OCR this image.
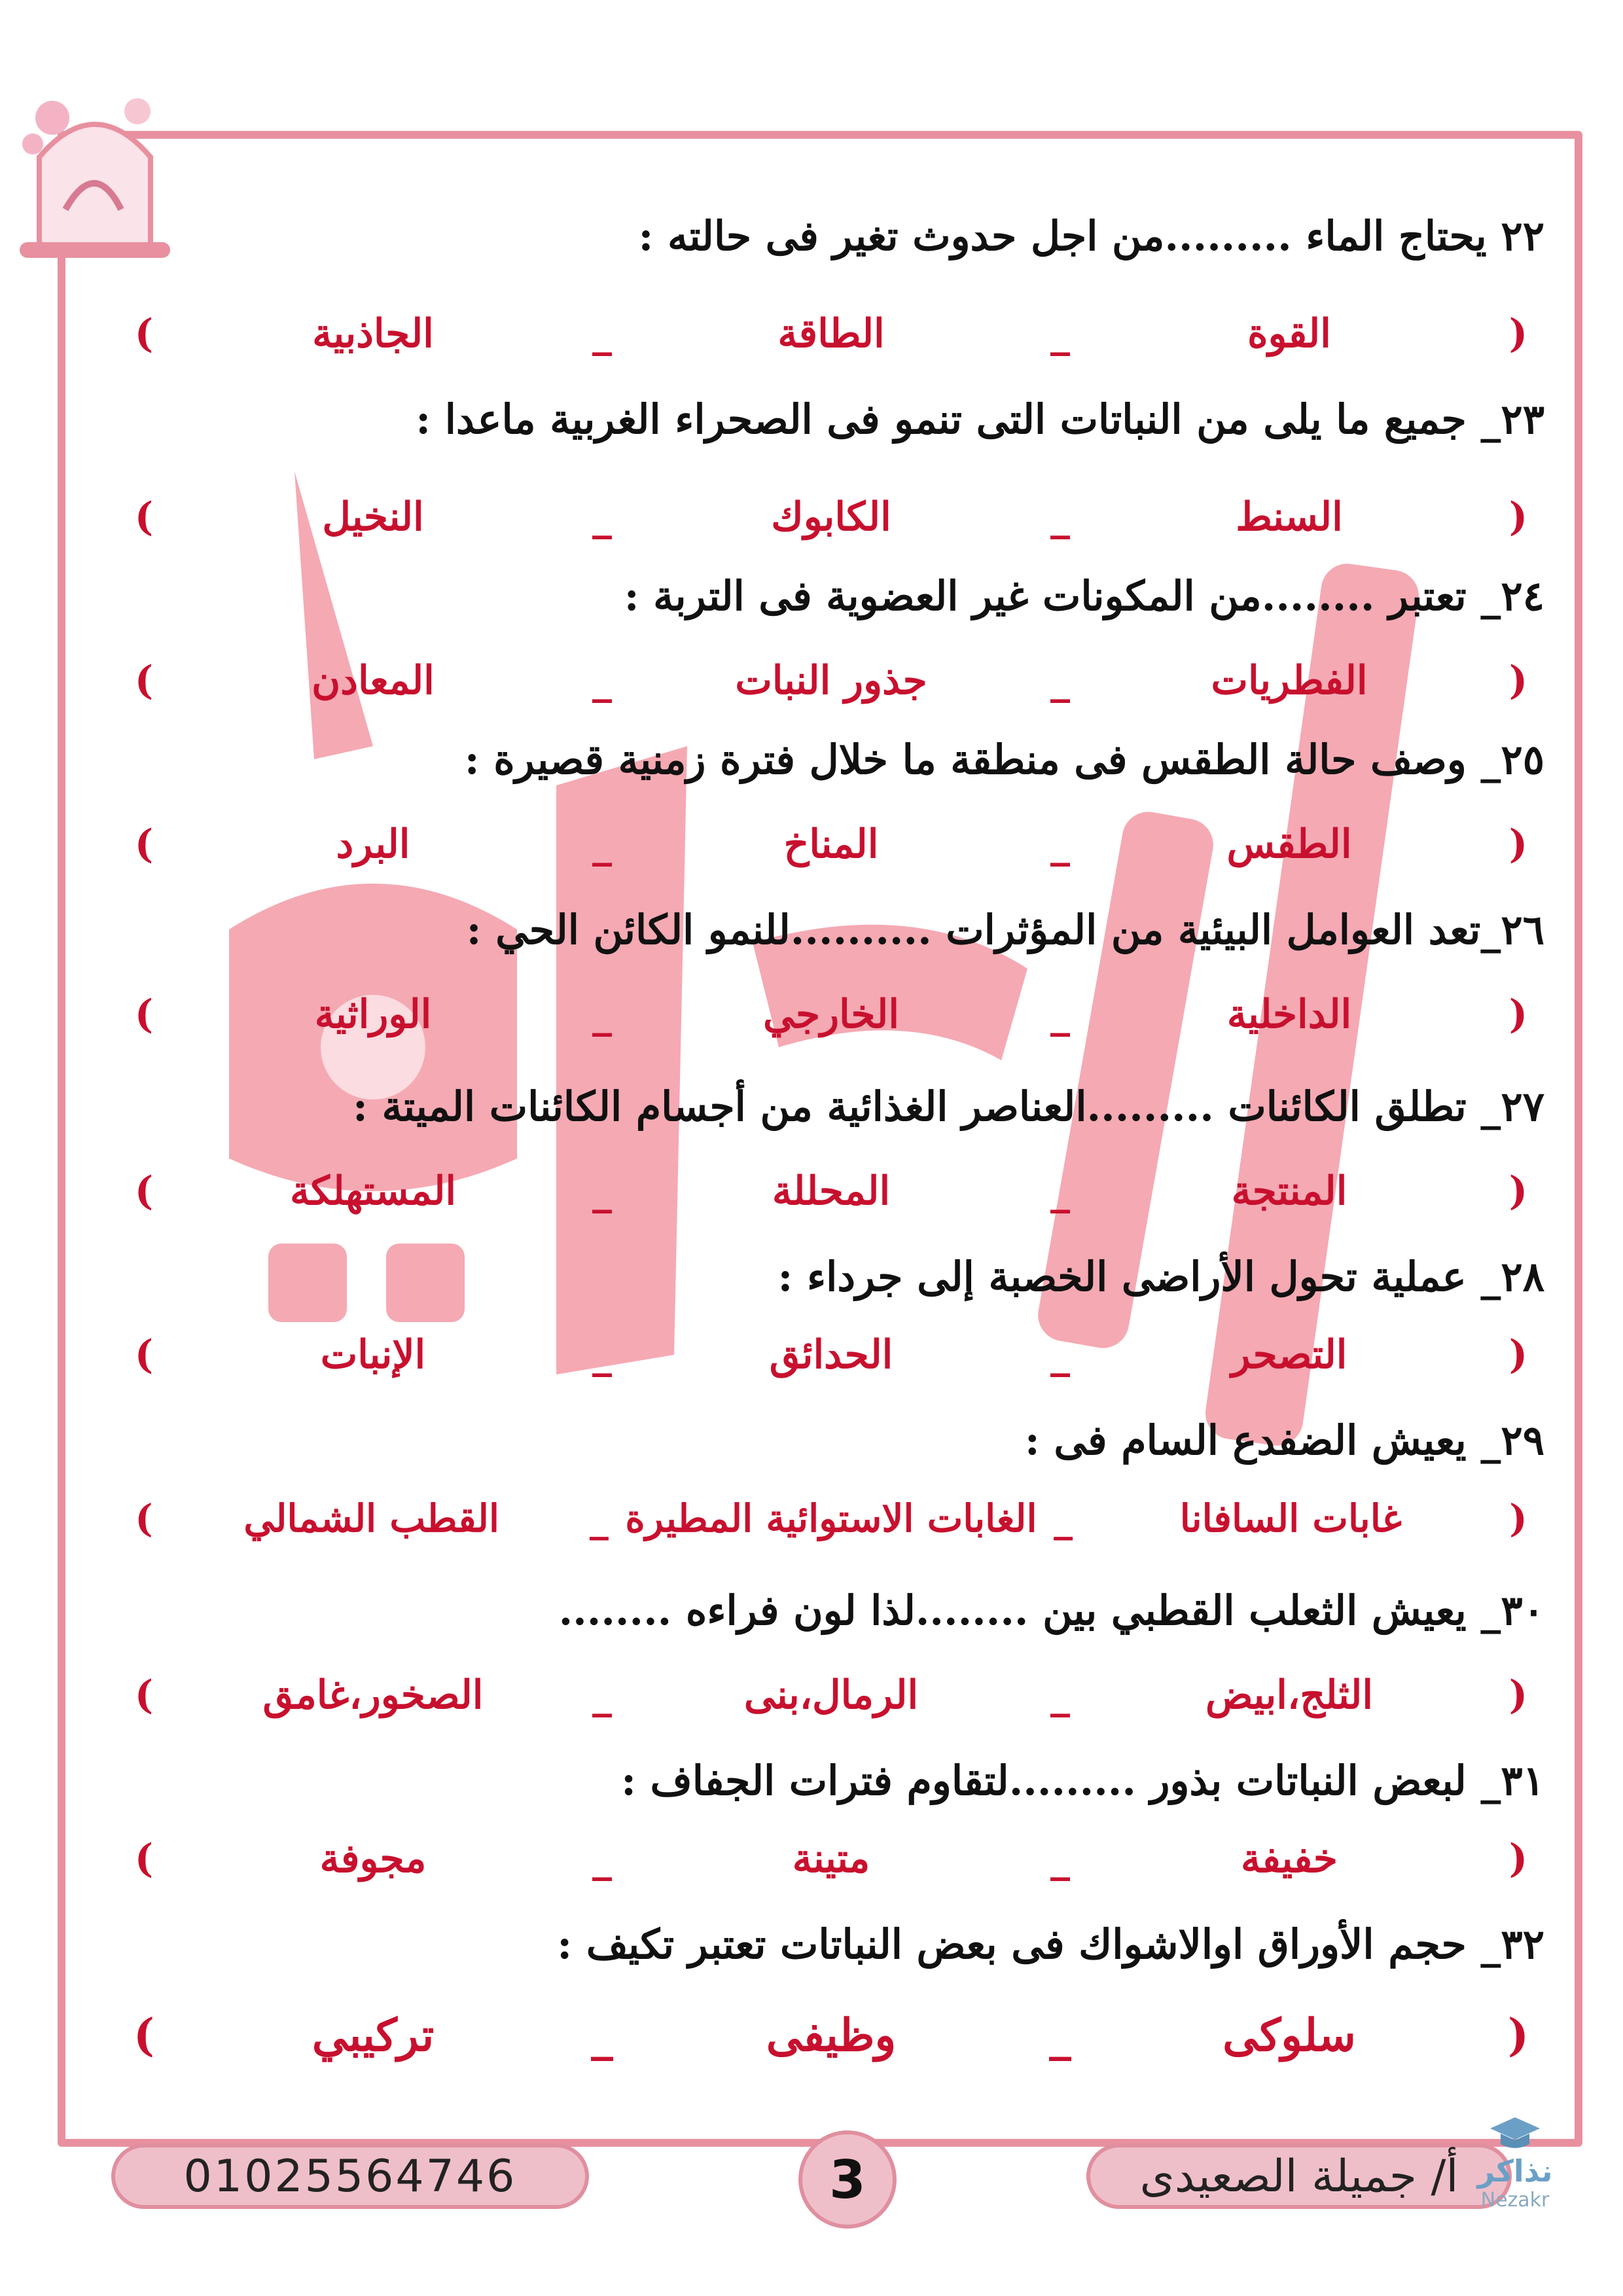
٢٢ يحتاج الماء .........من اجل حدوث تغير فى حالته :
(
القوة
_
الطاقة
_
الجاذبية
)
٢٣_ جميع ما يلى من النباتات التى تنمو فى الصحراء الغربية ماعدا :
(
السنط
_
الكابوك
_
النخيل
)
٢٤_ تعتبر ........من المكونات غير العضوية فى التربة :
(
الفطريات
_
جذور النبات
_
المعادن
)
٢٥_ وصف حالة الطقس فى منطقة ما خلال فترة زمنية قصيرة :
(
الطقس
_
المناخ
_
البرد
)
٢٦_تعد العوامل البيئية من المؤثرات ..........للنمو الكائن الحي :
(
الداخلية
_
الخارجي
_
الوراثية
)
٢٧_ تطلق الكائنات .........العناصر الغذائية من أجسام الكائنات الميتة :
(
المنتجة
_
المحللة
_
المستهلكة
)
٢٨_ عملية تحول الأراضى الخصبة إلى جرداء :
(
التصحر
_
الحدائق
_
الإنبات
)
٢٩_ يعيش الضفدع السام فى :
(
غابات السافانا
_
الغابات الاستوائية المطيرة
_
القطب الشمالي
)
٣٠_ يعيش الثعلب القطبي بين ........لذا لون فراءه ........
(
الثلج،ابيض
_
الرمال،بنى
_
الصخور،غامق
)
٣١_ لبعض النباتات بذور .........لتقاوم فترات الجفاف :
(
خفيفة
_
متينة
_
مجوفة
)
٣٢_ حجم الأوراق اوالاشواك فى بعض النباتات تعتبر تكيف :
(
سلوكى
_
وظيفى
_
تركيبي
)
01025564746	3	أ/ جميلة الصعيدى نذاكر
Nezakr
